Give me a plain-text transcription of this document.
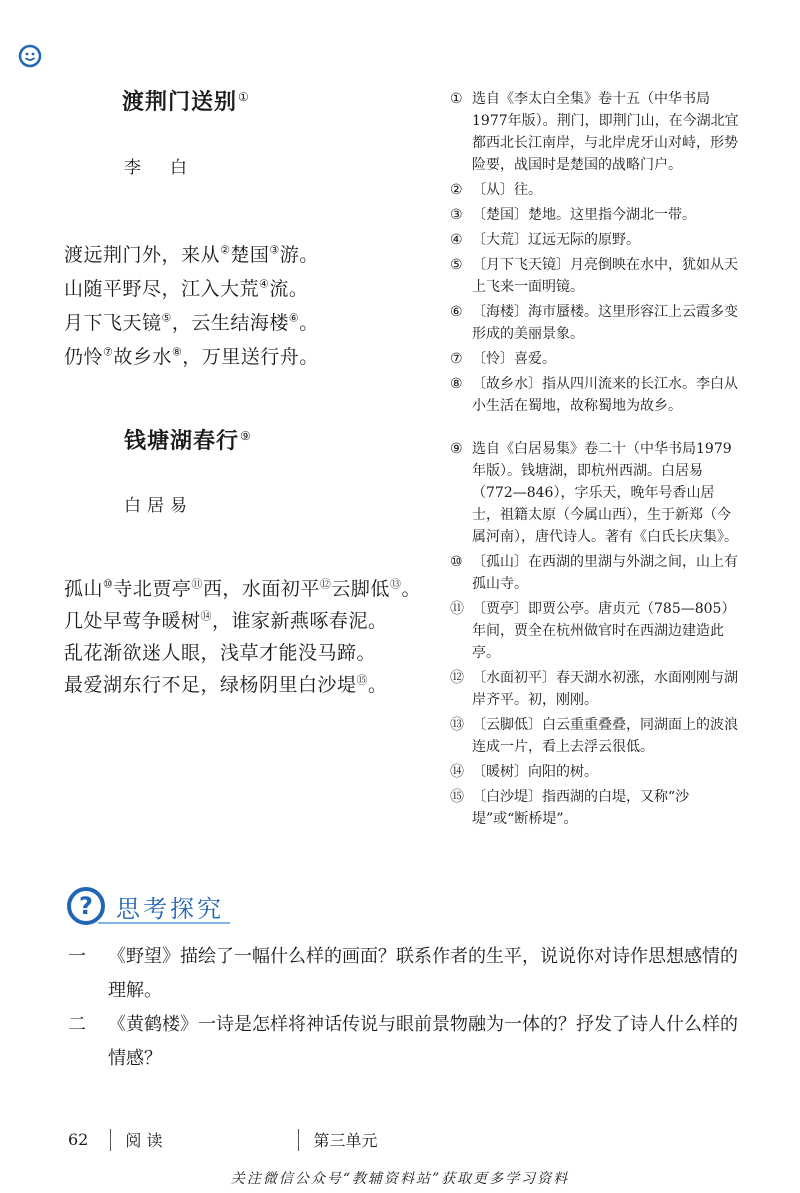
渡荆门送别①
李　白
渡远荆门外，来从②楚国③游。
山随平野尽，江入大荒④流。
月下飞天镜⑤，云生结海楼⑥。
仍怜⑦故乡水⑧，万里送行舟。
钱塘湖春行⑨
白居易
孤山⑩寺北贾亭⑪西，水面初平⑫云脚低⑬。
几处早莺争暖树⑭，谁家新燕啄春泥。
乱花渐欲迷人眼，浅草才能没马蹄。
最爱湖东行不足，绿杨阴里白沙堤⑮。
① 选自《李太白全集》卷十五（中华书局1977年版）。荆门，即荆门山，在今湖北宜都西北长江南岸，与北岸虎牙山对峙，形势险要，战国时是楚国的战略门户。
② 〔从〕往。
③ 〔楚国〕楚地。这里指今湖北一带。
④ 〔大荒〕辽远无际的原野。
⑤ 〔月下飞天镜〕月亮倒映在水中，犹如从天上飞来一面明镜。
⑥ 〔海楼〕海市蜃楼。这里形容江上云霞多变形成的美丽景象。
⑦ 〔怜〕喜爱。
⑧ 〔故乡水〕指从四川流来的长江水。李白从小生活在蜀地，故称蜀地为故乡。
⑨ 选自《白居易集》卷二十（中华书局1979年版）。钱塘湖，即杭州西湖。白居易（772—846），字乐天，晚年号香山居士，祖籍太原（今属山西），生于新郑（今属河南），唐代诗人。著有《白氏长庆集》。
⑩ 〔孤山〕在西湖的里湖与外湖之间，山上有孤山寺。
⑪ 〔贾亭〕即贾公亭。唐贞元（785—805）年间，贾全在杭州做官时在西湖边建造此亭。
⑫ 〔水面初平〕春天湖水初涨，水面刚刚与湖岸齐平。初，刚刚。
⑬ 〔云脚低〕白云重重叠叠，同湖面上的波浪连成一片，看上去浮云很低。
⑭ 〔暖树〕向阳的树。
⑮ 〔白沙堤〕指西湖的白堤，又称“沙堤”或“断桥堤”。
? 思考探究
一	《野望》描绘了一幅什么样的画面？联系作者的生平，说说你对诗作思想感情的理解。
二	《黄鹤楼》一诗是怎样将神话传说与眼前景物融为一体的？抒发了诗人什么样的情感？
62 阅 读	第三单元
关注微信公众号“教辅资料站”获取更多学习资料
